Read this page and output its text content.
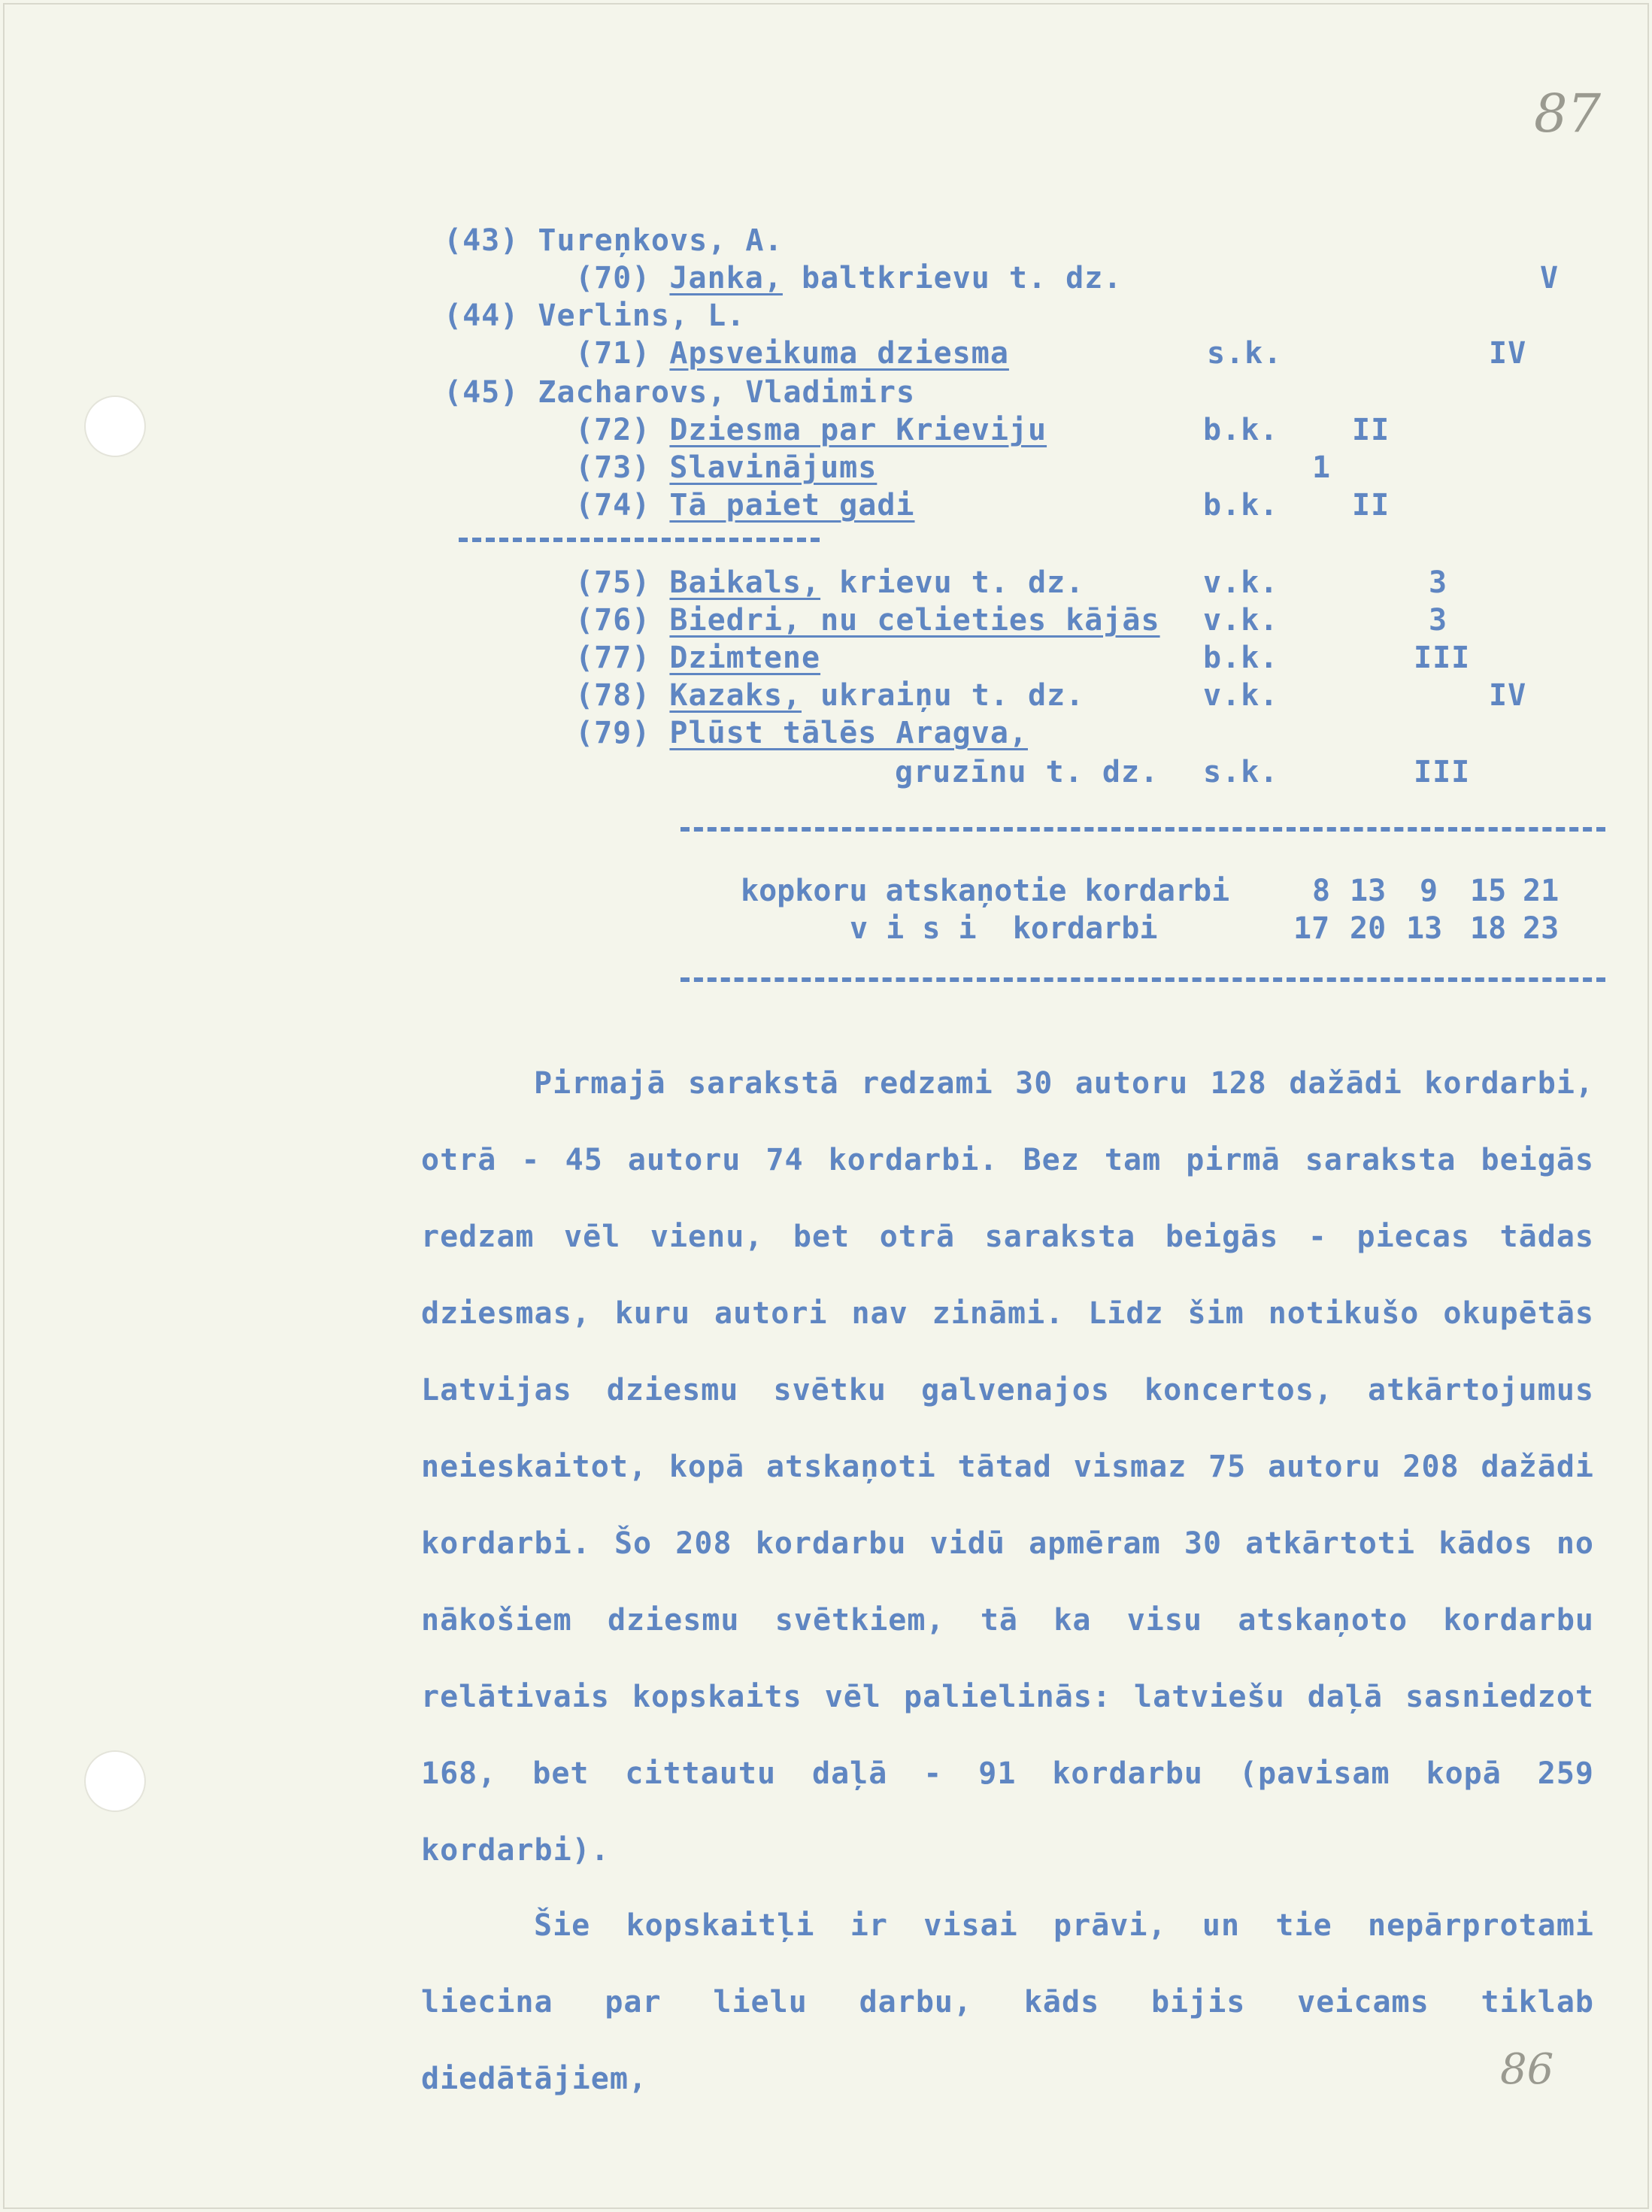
87
86
(43) Tureņkovs, A.
(70) Janka, baltkrievu t. dz.	V
(44) Verlins, L.
(71) Apsveikuma dziesma	s.k.	IV
(45) Zacharovs, Vladimirs
(72) Dziesma par Krieviju	b.k. II
(73) Slavinājums	1
(74) Tā paiet gadi	b.k. II
(75) Baikals, krievu t. dz.	v.k.	3
(76) Biedri, nu celieties kājās v.k.	3
(77) Dzimtene	b.k.	III
(78) Kazaks, ukraiņu t. dz.	v.k.	IV
(79) Plūst tālēs Aragva,
gruzīnu t. dz. s.k.	III
kopkoru atskaņotie kordarbi	8 13 9 15 21
v i s i  kordarbi	17 20 13 18 23
Pirmajā sarakstā redzami 30 autoru 128 dažādi kordarbi, otrā - 45 autoru 74 kordarbi. Bez tam pirmā saraksta beigās redzam vēl vienu, bet otrā saraksta beigās - piecas tādas dziesmas, kuru autori nav zināmi. Līdz šim notikušo okupētās Latvijas dziesmu svētku galvenajos koncertos, atkārtojumus neieskaitot, kopā atskaņoti tātad vismaz 75 autoru 208 dažādi kordarbi. Šo 208 kordarbu vidū apmēram 30 atkārtoti kādos no nākošiem dziesmu svētkiem, tā ka visu atskaņoto kordarbu relātivais kopskaits vēl palielinās: latviešu daļā sasniedzot 168, bet cittautu daļā - 91 kordarbu (pavisam kopā 259 kordarbi).
Šie kopskaitļi ir visai prāvi, un tie nepārprotami liecina par lielu darbu, kāds bijis veicams tiklab diedātājiem,
